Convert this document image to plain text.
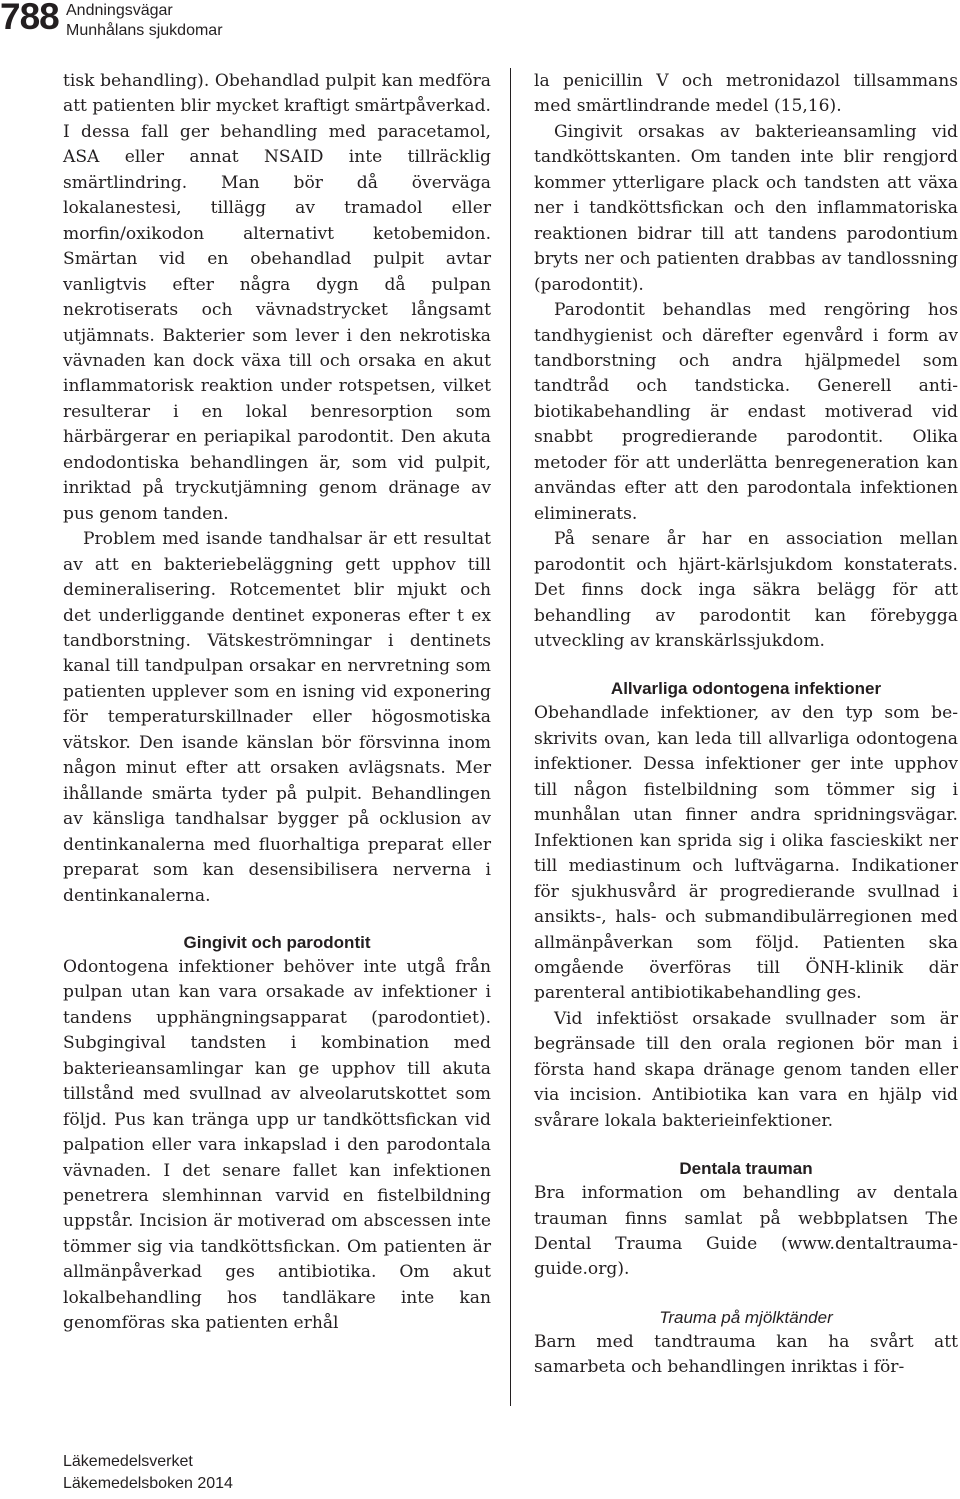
788 Andningsvägar
Munhålans sjukdomar

tisk behandling). Obehandlad pulpit kan medföra att patienten blir mycket kraftigt smärtpåverkad. I dessa fall ger behandling med paracetamol, ASA eller annat NSAID inte tillräcklig smärtlindring. Man bör då överväga lokalanestesi, tillägg av tramadol eller morfin/oxikodon alternativt ketobemidon. Smärtan vid en obehandlad pulpit avtar vanligtvis efter några dygn då pulpan nekrotiserats och vävnadstrycket långsamt utjämnats. Bakterier som lever i den nekrotiska vävnaden kan dock växa till och orsaka en akut inflammatorisk reaktion under rotspetsen, vilket resulterar i en lokal benresorption som härbärgerar en periapikal parodontit. Den akuta endodontiska behandlingen är, som vid pulpit, inriktad på tryckutjämning genom dränage av pus genom tanden.

Problem med isande tandhalsar är ett resultat av att en bakteriebeläggning gett upphov till demineralisering. Rotcementet blir mjukt och det underliggande dentinet exponeras efter t ex tandborstning. Vätskeströmningar i dentinets kanal till tandpulpan orsakar en nervretning som patienten upplever som en isning vid exponering för temperaturskillnader eller högosmotiska vätskor. Den isande känslan bör försvinna inom någon minut efter att orsaken avlägsnats. Mer ihållande smärta tyder på pulpit. Behandlingen av känsliga tandhalsar bygger på ocklusion av dentinkanalerna med fluorhaltiga preparat eller preparat som kan desensibilisera nerverna i dentinkanalerna.

Gingivit och parodontit

Odontogena infektioner behöver inte utgå från pulpan utan kan vara orsakade av infektioner i tandens upphängningsapparat (parodontiet). Subgingival tandsten i kombination med bakterieansamlingar kan ge upphov till akuta tillstånd med svullnad av alveolarutskottet som följd. Pus kan tränga upp ur tandköttsfickan vid palpation eller vara inkapslad i den parodontala vävnaden. I det senare fallet kan infektionen penetrera slemhinnan varvid en fistelbildning uppstår. Incision är motiverad om abscessen inte tömmer sig via tandköttsfickan. Om patienten är allmänpåverkad ges antibiotika. Om akut lokalbehandling hos tandläkare inte kan genomföras ska patienten erhål

la penicillin V och metronidazol tillsammans med smärtlindrande medel (15,16).

Gingivit orsakas av bakterieansamling vid tandköttskanten. Om tanden inte blir rengjord kommer ytterligare plack och tandsten att växa ner i tandköttsfickan och den inflammatoriska reaktionen bidrar till att tandens parodontium bryts ner och patienten drabbas av tandlossning (parodontit).

Parodontit behandlas med rengöring hos tandhygienist och därefter egenvård i form av tandborstning och andra hjälpmedel som tandtråd och tandsticka. Generell antibiotikabehandling är endast motiverad vid snabbt progredierande parodontit. Olika metoder för att underlätta benregeneration kan användas efter att den parodontala infektionen eliminerats.

På senare år har en association mellan parodontit och hjärt-kärlsjukdom konstaterats. Det finns dock inga säkra belägg för att behandling av parodontit kan förebygga utveckling av kranskärlssjukdom.

Allvarliga odontogena infektioner

Obehandlade infektioner, av den typ som beskrivits ovan, kan leda till allvarliga odontogena infektioner. Dessa infektioner ger inte upphov till någon fistelbildning som tömmer sig i munhålan utan finner andra spridningsvägar. Infektionen kan sprida sig i olika fascieskikt ner till mediastinum och luftvägarna. Indikationer för sjukhusvård är progredierande svullnad i ansikts-, hals- och submandibulärregionen med allmänpåverkan som följd. Patienten ska omgående överföras till ÖNH-klinik där parenteral antibiotikabehandling ges.

Vid infektiöst orsakade svullnader som är begränsade till den orala regionen bör man i första hand skapa dränage genom tanden eller via incision. Antibiotika kan vara en hjälp vid svårare lokala bakterieinfektioner.

Dentala trauman

Bra information om behandling av dentala trauman finns samlat på webbplatsen The Dental Trauma Guide (www.dentaltraumaguide.org).

Trauma på mjölktänder

Barn med tandtrauma kan ha svårt att samarbeta och behandlingen inriktas i för-

Läkemedelsverket
Läkemedelsboken 2014
